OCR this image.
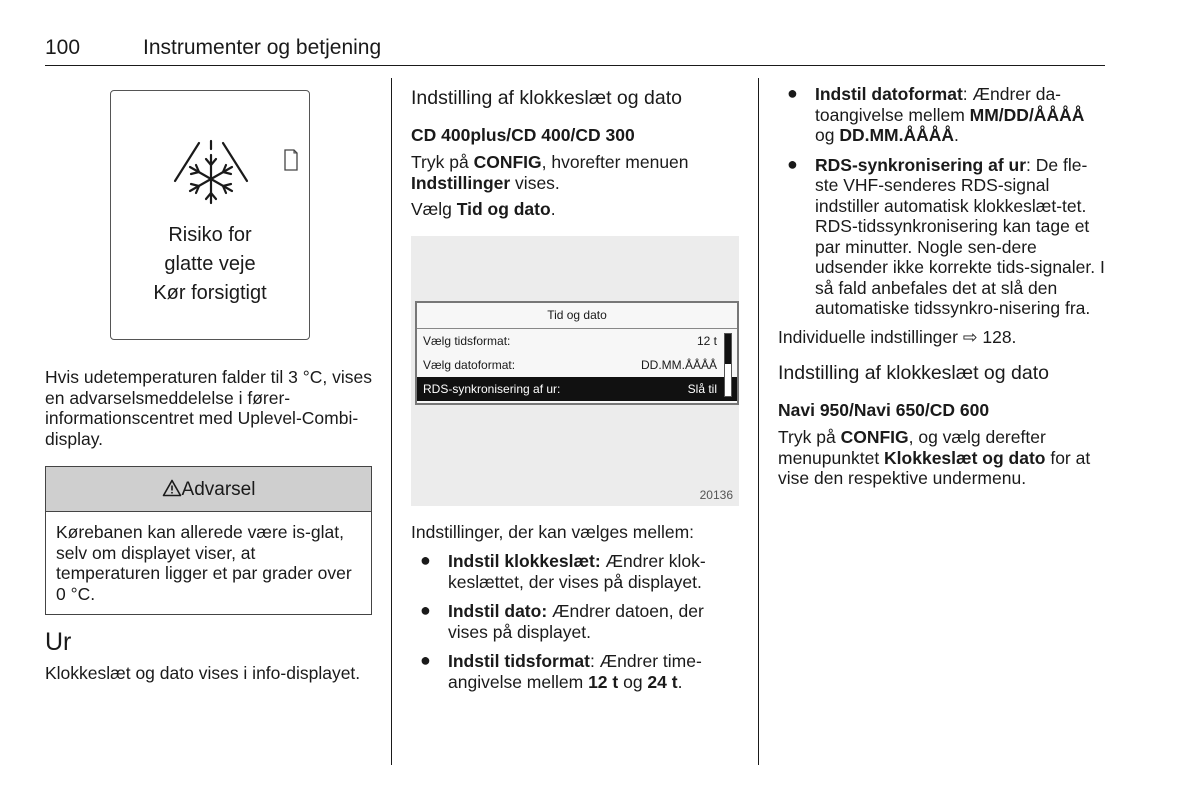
100	Instrumenter og betjening
Risiko for
glatte veje
Kør forsigtigt

Hvis udetemperaturen falder til 3 °C, vises en advarselsmeddelelse i fører-informationscentret med Uplevel-Combi-display.

Advarsel

Kørebanen kan allerede være is-glat, selv om displayet viser, at temperaturen ligger et par grader over 0 °C.

Ur

Klokkeslæt og dato vises i info-displayet.

Indstilling af klokkeslæt og dato
CD 400plus/CD 400/CD 300

Tryk på CONFIG, hvorefter menuen Indstillinger vises.

Vælg Tid og dato.

Tid og dato
Vælg tidsformat:	12 t
Vælg datoformat:	DD.MM.ÅÅÅÅ
RDS-synkronisering af ur:	Slå til
20136

Indstillinger, der kan vælges mellem:

● Indstil klokkeslæt: Ændrer klok-keslættet, der vises på displayet.
● Indstil dato: Ændrer datoen, der vises på displayet.
● Indstil tidsformat: Ændrer time-angivelse mellem 12 t og 24 t.
● Indstil datoformat: Ændrer da-toangivelse mellem MM/DD/ÅÅÅÅ og DD.MM.ÅÅÅÅ.
● RDS-synkronisering af ur: De fle-ste VHF-senderes RDS-signal indstiller automatisk klokkeslæt-tet. RDS-tidssynkronisering kan tage et par minutter. Nogle sen-dere udsender ikke korrekte tids-signaler. I så fald anbefales det at slå den automatiske tidssynkro-nisering fra.

Individuelle indstillinger ⇨ 128.

Indstilling af klokkeslæt og dato
Navi 950/Navi 650/CD 600

Tryk på CONFIG, og vælg derefter menupunktet Klokkeslæt og dato for at vise den respektive undermenu.
